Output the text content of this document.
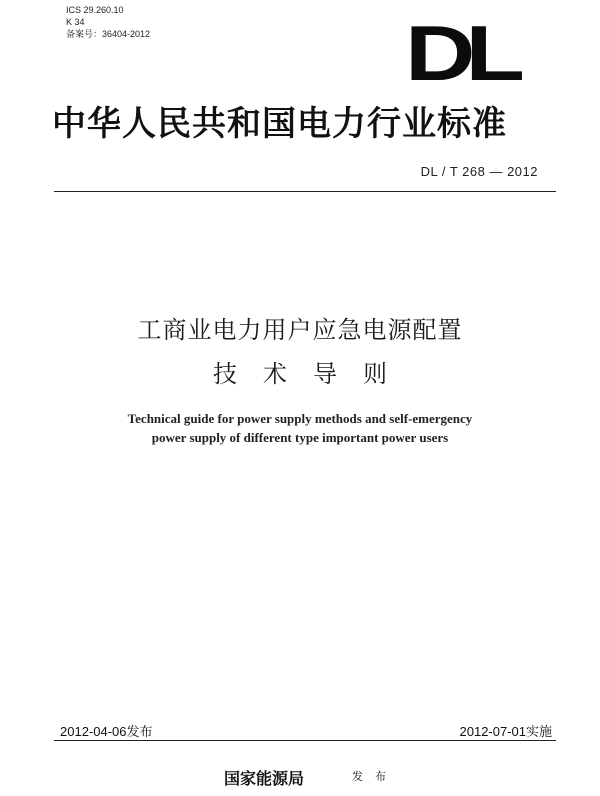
ICS 29.260.10
K 34
备案号：36404-2012	DL
中华人民共和国电力行业标准
DL / T 268 — 2012
工商业电力用户应急电源配置
技术导则
Technical guide for power supply methods and self-emergency
power supply of different type important power users
2012-04-06发布	2012-07-01实施
国家能源局	发布
